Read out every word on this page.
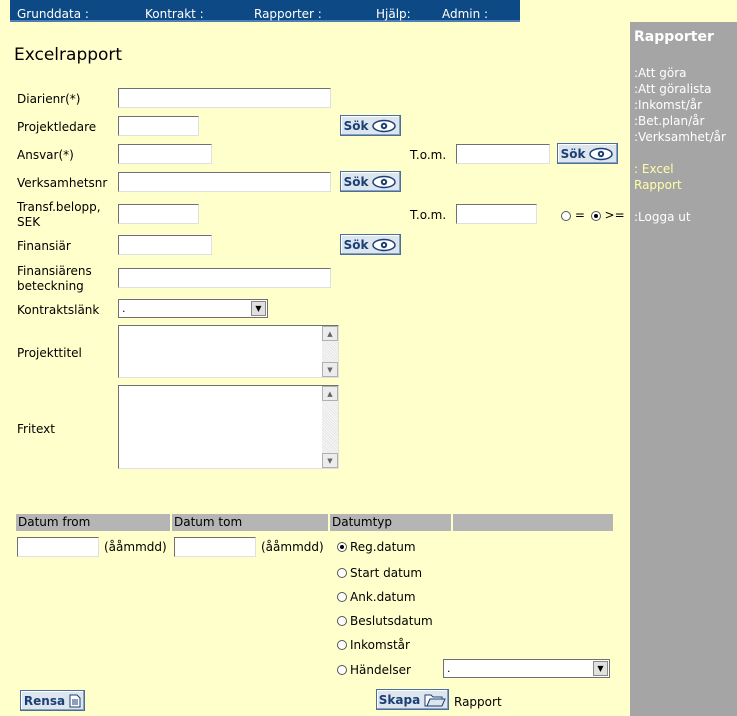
Grunddata :	Kontrakt :	Rapporter :	Hjälp:	Admin :
Rapporter
:Att göra
:Att göralista
:Inkomst/år
:Bet.plan/år
:Verksamhet/år
: Excel
Rapport
:Logga ut
Excelrapport
Diarienr(*)
Projektledare	Sök
Ansvar(*)	T.o.m.	Sök
Verksamhetsnr	Sök
Transf.belopp,
SEK	T.o.m.	= >=
Finansiär	Sök
Finansiärens
beteckning
Kontraktslänk .	▼
Projekttitel
▲
▼
Fritext
▲
▼
Datum from	Datum tom	Datumtyp
(ååmmdd)	(ååmmdd) Reg.datum
Start datum
Ank.datum
Beslutsdatum
Inkomstår
Händelser	.	▼
Rensa	Skapa	Rapport
